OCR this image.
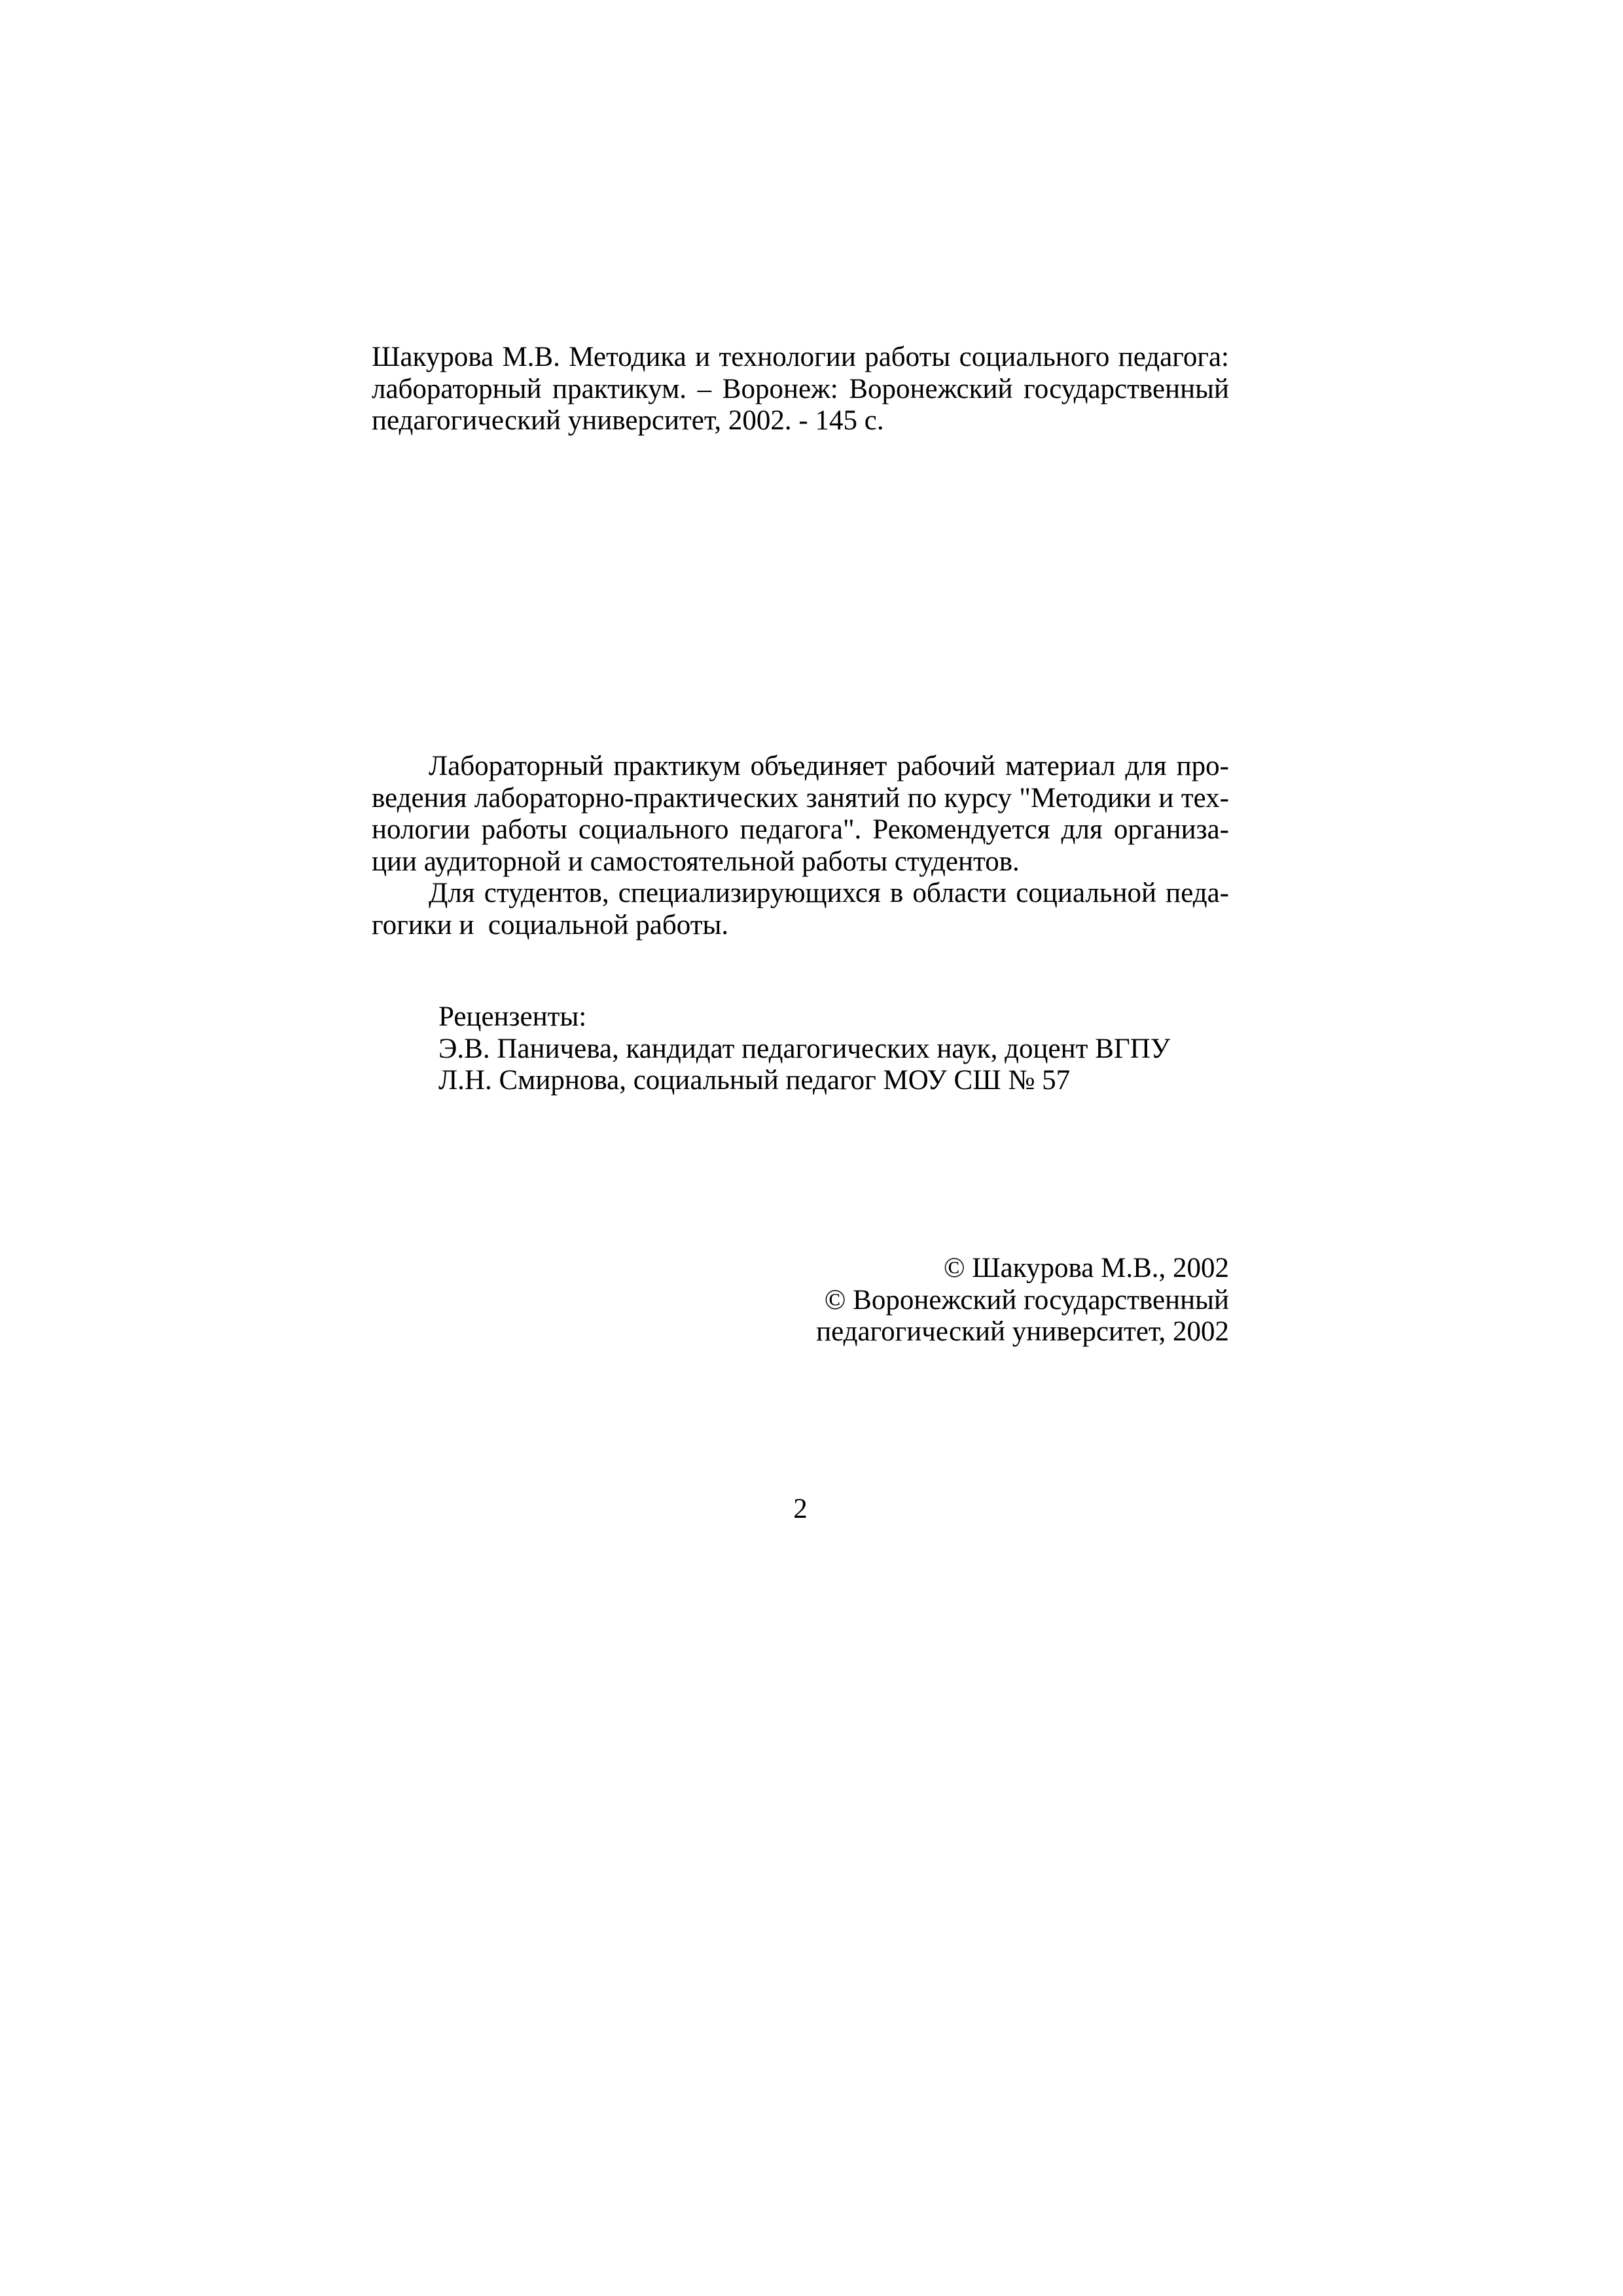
Шакурова М.В. Методика и технологии работы социального педагога:
лабораторный практикум. – Воронеж: Воронежский государственный
педагогический университет, 2002. - 145 с.
Лабораторный практикум объединяет рабочий материал для про-
ведения лабораторно-практических занятий по курсу "Методики и тех-
нологии работы социального педагога". Рекомендуется для организа-
ции аудиторной и самостоятельной работы студентов.
Для студентов, специализирующихся в области социальной педа-
гогики и  социальной работы.
Рецензенты:
Э.В. Паничева, кандидат педагогических наук, доцент ВГПУ
Л.Н. Смирнова, социальный педагог МОУ СШ № 57
© Шакурова М.В., 2002
© Воронежский государственный
педагогический университет, 2002
2
